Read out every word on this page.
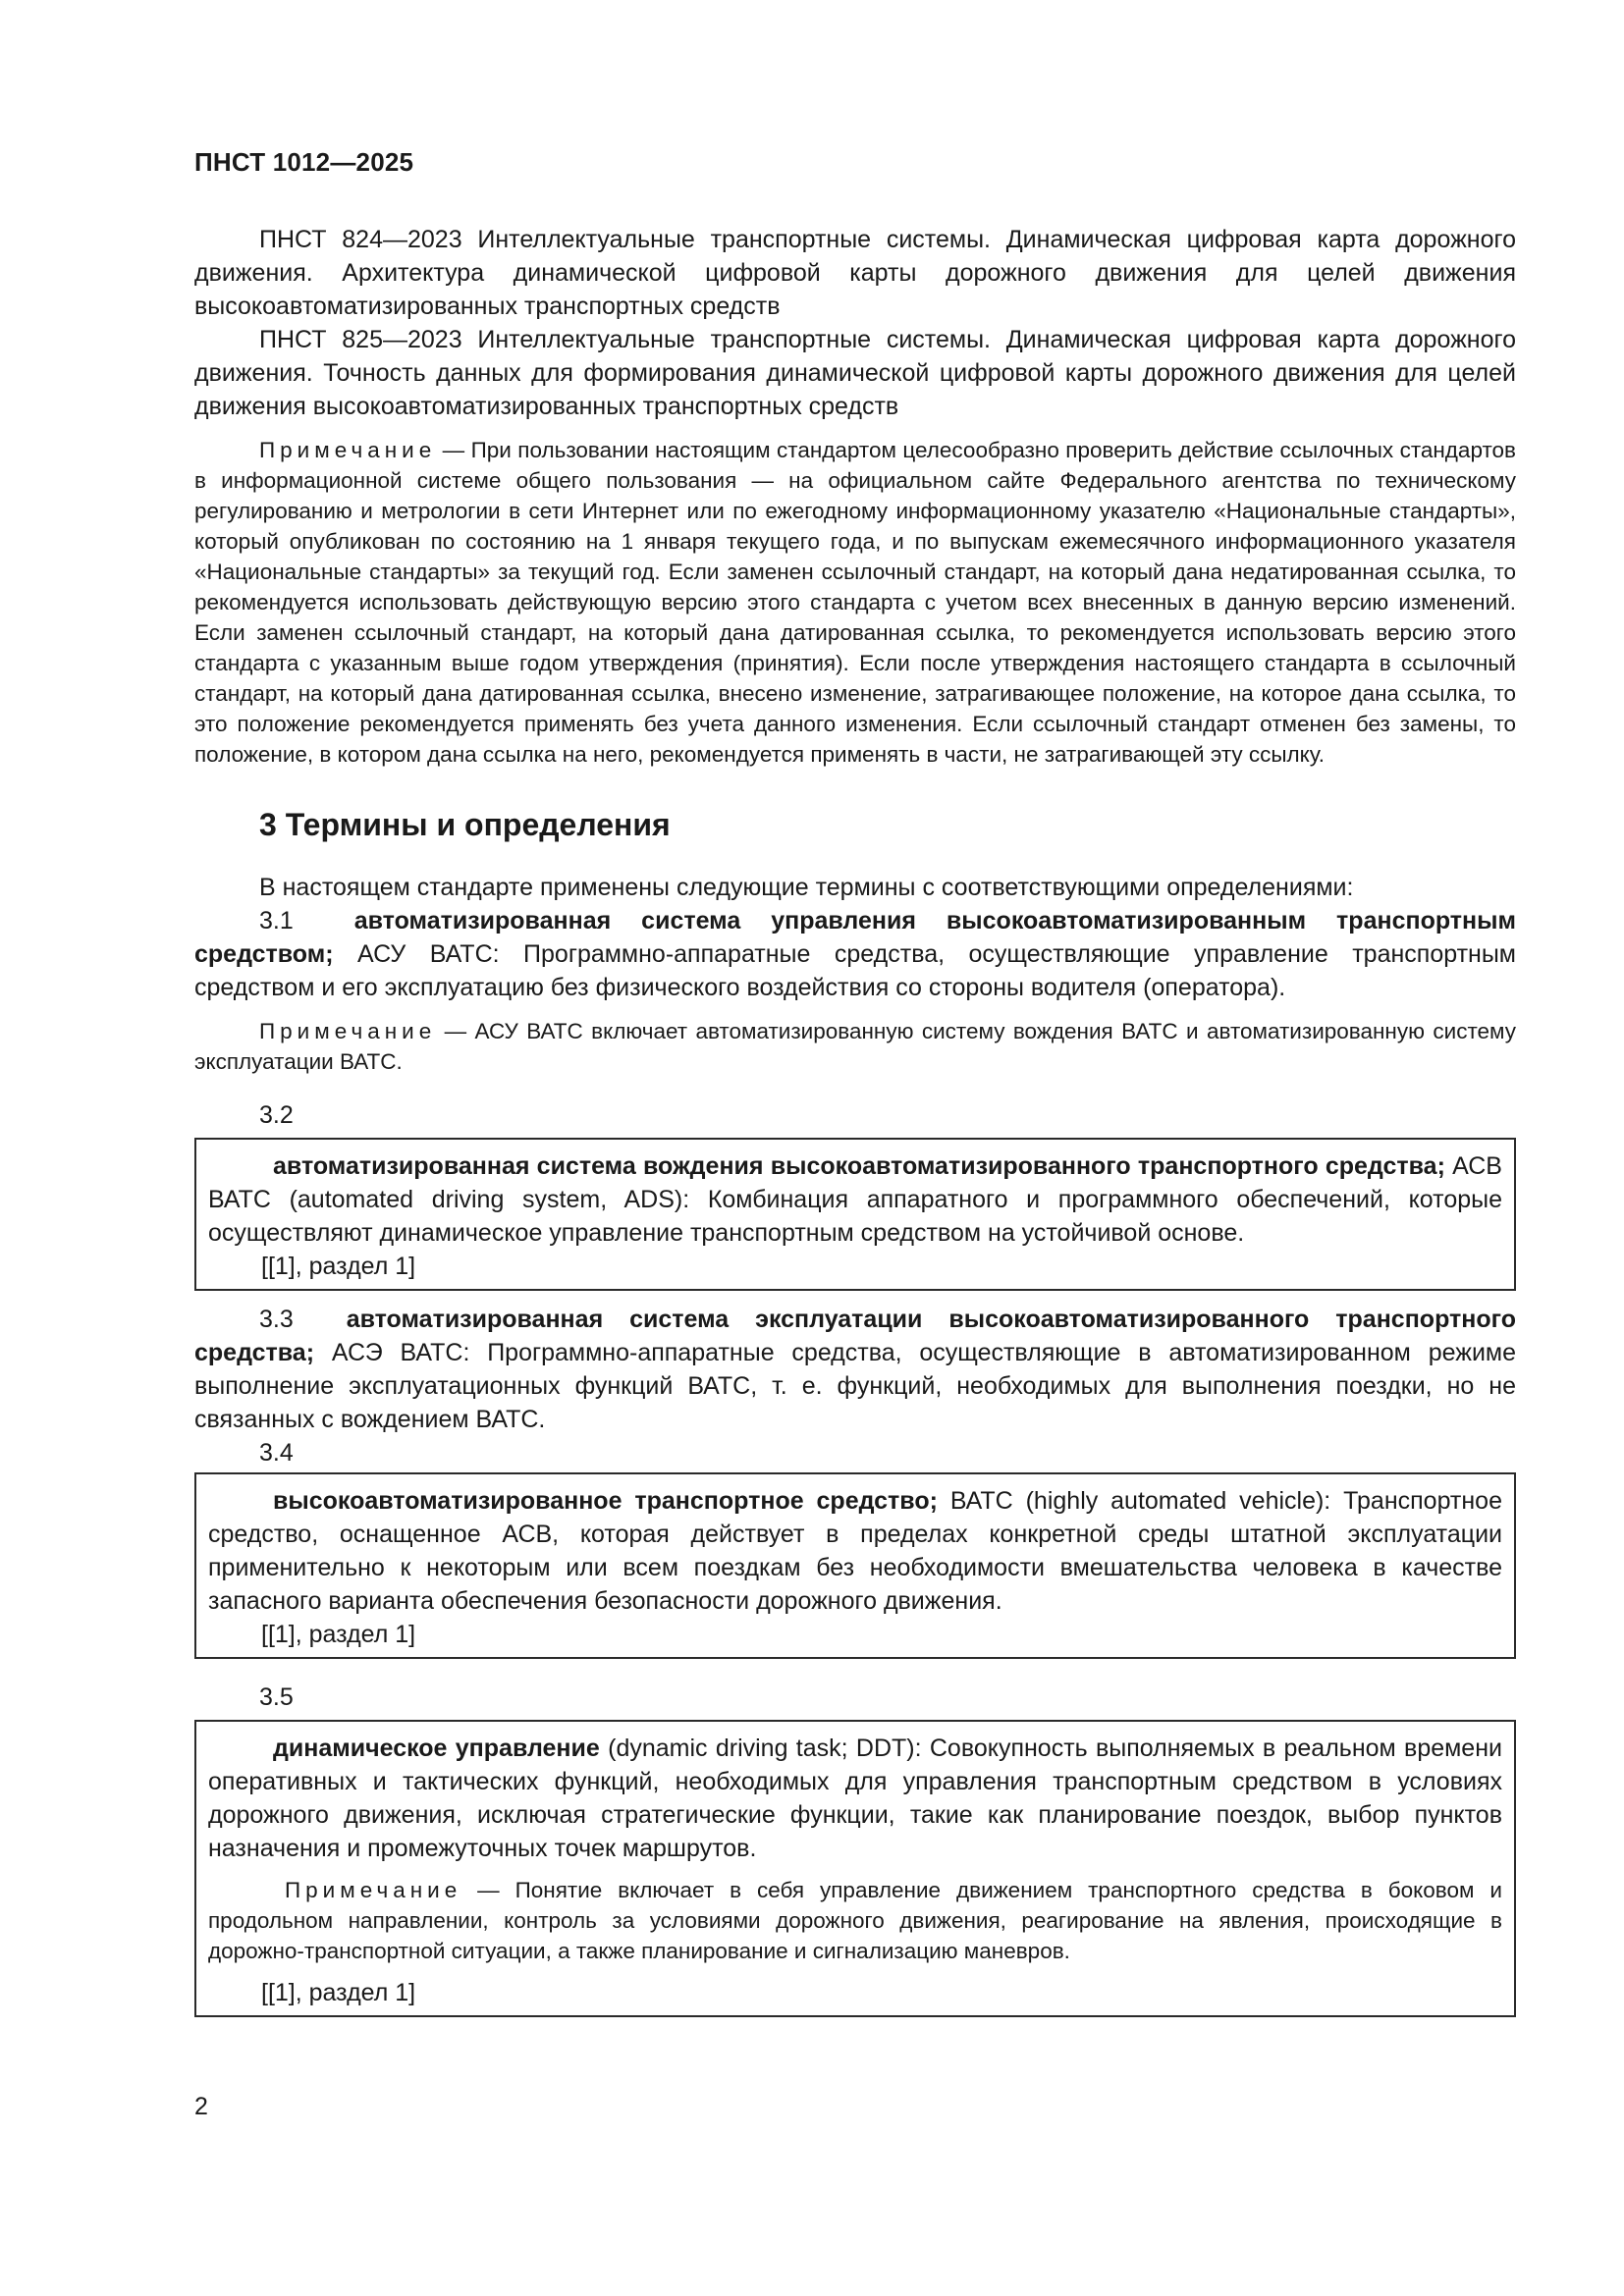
ПНСТ 1012—2025

ПНСТ 824—2023 Интеллектуальные транспортные системы. Динамическая цифровая карта дорожного движения. Архитектура динамической цифровой карты дорожного движения для целей движения высокоавтоматизированных транспортных средств

ПНСТ 825—2023 Интеллектуальные транспортные системы. Динамическая цифровая карта дорожного движения. Точность данных для формирования динамической цифровой карты дорожного движения для целей движения высокоавтоматизированных транспортных средств

Примечание — При пользовании настоящим стандартом целесообразно проверить действие ссылочных стандартов в информационной системе общего пользования — на официальном сайте Федерального агентства по техническому регулированию и метрологии в сети Интернет или по ежегодному информационному указателю «Национальные стандарты», который опубликован по состоянию на 1 января текущего года, и по выпускам ежемесячного информационного указателя «Национальные стандарты» за текущий год. Если заменен ссылочный стандарт, на который дана недатированная ссылка, то рекомендуется использовать действующую версию этого стандарта с учетом всех внесенных в данную версию изменений. Если заменен ссылочный стандарт, на который дана датированная ссылка, то рекомендуется использовать версию этого стандарта с указанным выше годом утверждения (принятия). Если после утверждения настоящего стандарта в ссылочный стандарт, на который дана датированная ссылка, внесено изменение, затрагивающее положение, на которое дана ссылка, то это положение рекомендуется применять без учета данного изменения. Если ссылочный стандарт отменен без замены, то положение, в котором дана ссылка на него, рекомендуется применять в части, не затрагивающей эту ссылку.

3 Термины и определения

В настоящем стандарте применены следующие термины с соответствующими определениями:

3.1 автоматизированная система управления высокоавтоматизированным транспортным средством; АСУ ВАТС: Программно-аппаратные средства, осуществляющие управление транспортным средством и его эксплуатацию без физического воздействия со стороны водителя (оператора).

Примечание — АСУ ВАТС включает автоматизированную систему вождения ВАТС и автоматизированную систему эксплуатации ВАТС.

3.2

автоматизированная система вождения высокоавтоматизированного транспортного средства; АСВ ВАТС (automated driving system, ADS): Комбинация аппаратного и программного обеспечений, которые осуществляют динамическое управление транспортным средством на устойчивой основе.

[[1], раздел 1]

3.3 автоматизированная система эксплуатации высокоавтоматизированного транспортного средства; АСЭ ВАТС: Программно-аппаратные средства, осуществляющие в автоматизированном режиме выполнение эксплуатационных функций ВАТС, т. е. функций, необходимых для выполнения поездки, но не связанных с вождением ВАТС.

3.4

высокоавтоматизированное транспортное средство; ВАТС (highly automated vehicle): Транспортное средство, оснащенное АСВ, которая действует в пределах конкретной среды штатной эксплуатации применительно к некоторым или всем поездкам без необходимости вмешательства человека в качестве запасного варианта обеспечения безопасности дорожного движения.

[[1], раздел 1]
3.5

динамическое управление (dynamic driving task; DDT): Совокупность выполняемых в реальном времени оперативных и тактических функций, необходимых для управления транспортным средством в условиях дорожного движения, исключая стратегические функции, такие как планирование поездок, выбор пунктов назначения и промежуточных точек маршрутов.

Примечание — Понятие включает в себя управление движением транспортного средства в боковом и продольном направлении, контроль за условиями дорожного движения, реагирование на явления, происходящие в дорожно-транспортной ситуации, а также планирование и сигнализацию маневров.

[[1], раздел 1]
2
